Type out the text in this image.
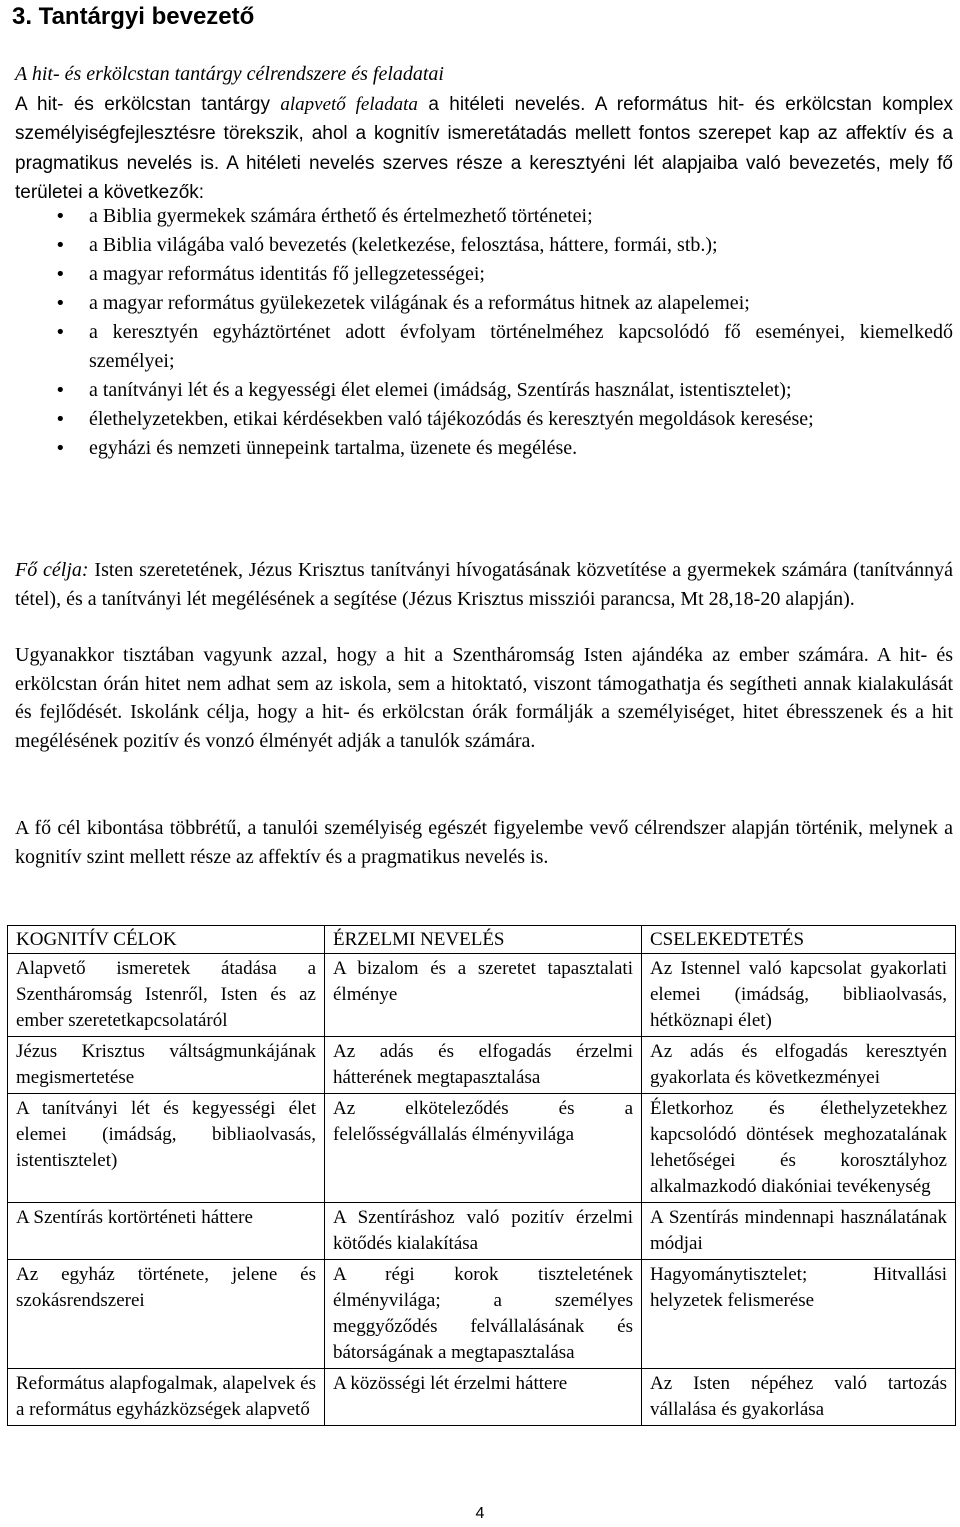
3. Tantárgyi bevezető

A hit- és erkölcstan tantárgy célrendszere és feladatai
A hit- és erkölcstan tantárgy alapvető feladata a hitéleti nevelés. A református hit- és erkölcstan komplex személyiségfejlesztésre törekszik, ahol a kognitív ismeretátadás mellett fontos szerepet kap az affektív és a pragmatikus nevelés is. A hitéleti nevelés szerves része a keresztyéni lét alapjaiba való bevezetés, mely fő területei a következők:

• a Biblia gyermekek számára érthető és értelmezhető történetei;
• a Biblia világába való bevezetés (keletkezése, felosztása, háttere, formái, stb.);
• a magyar református identitás fő jellegzetességei;
• a magyar református gyülekezetek világának és a református hitnek az alapelemei;
• a keresztyén egyháztörténet adott évfolyam történelméhez kapcsolódó fő eseményei, kiemelkedő személyei;
• a tanítványi lét és a kegyességi élet elemei (imádság, Szentírás használat, istentisztelet);
• élethelyzetekben, etikai kérdésekben való tájékozódás és keresztyén megoldások keresése;
• egyházi és nemzeti ünnepeink tartalma, üzenete és megélése.

Fő célja: Isten szeretetének, Jézus Krisztus tanítványi hívogatásának közvetítése a gyermekek számára (tanítvánnyá tétel), és a tanítványi lét megélésének a segítése (Jézus Krisztus missziói parancsa, Mt 28,18-20 alapján).

Ugyanakkor tisztában vagyunk azzal, hogy a hit a Szentháromság Isten ajándéka az ember számára. A hit- és erkölcstan órán hitet nem adhat sem az iskola, sem a hitoktató, viszont támogathatja és segítheti annak kialakulását és fejlődését. Iskolánk célja, hogy a hit- és erkölcstan órák formálják a személyiséget, hitet ébresszenek és a hit megélésének pozitív és vonzó élményét adják a tanulók számára.

A fő cél kibontása többrétű, a tanulói személyiség egészét figyelembe vevő célrendszer alapján történik, melynek a kognitív szint mellett része az affektív és a pragmatikus nevelés is.

KOGNITÍV CÉLOK	ÉRZELMI NEVELÉS	CSELEKEDTETÉS
Alapvető ismeretek átadása a Szentháromság Istenről, Isten és az ember szeretetkapcsolatáról	A bizalom és a szeretet tapasztalati élménye	Az Istennel való kapcsolat gyakorlati elemei (imádság, bibliaolvasás, hétköznapi élet)
Jézus Krisztus váltságmunkájának megismertetése	Az adás és elfogadás érzelmi hátterének megtapasztalása	Az adás és elfogadás keresztyén gyakorlata és következményei
A tanítványi lét és kegyességi élet elemei (imádság, bibliaolvasás, istentisztelet)	Az elköteleződés és a felelősségvállalás élményvilága	Életkorhoz és élethelyzetekhez kapcsolódó döntések meghozatalának lehetőségei és korosztályhoz alkalmazkodó diakóniai tevékenység
A Szentírás kortörténeti háttere	A Szentíráshoz való pozitív érzelmi kötődés kialakítása	A Szentírás mindennapi használatának módjai
Az egyház története, jelene és szokásrendszerei	A régi korok tiszteletének élményvilága; a személyes meggyőződés felvállalásának és bátorságának a megtapasztalása	Hagyománytisztelet; Hitvallási helyzetek felismerése
Református alapfogalmak, alapelvek és a református egyházközségek alapvető	A közösségi lét érzelmi háttere	Az Isten népéhez való tartozás vállalása és gyakorlása
4
